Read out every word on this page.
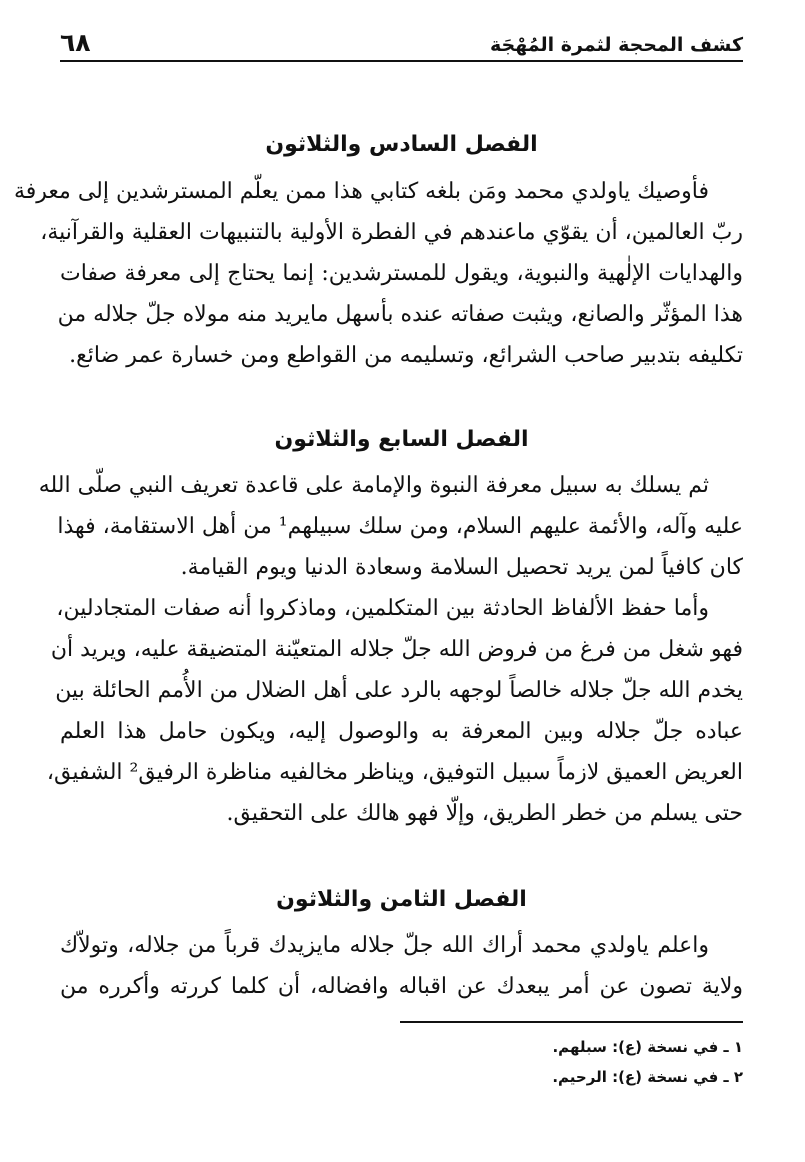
كشف المحجة لثمرة المُهْجَة
٦٨
الفصل السادس والثلاثون
فأوصيك ياولدي محمد ومَن بلغه كتابي هذا ممن يعلّم المسترشدين إلى معرفة
ربّ العالمين، أن يقوّي ماعندهم في الفطرة الأولية بالتنبيهات العقلية والقرآنية،
والهدايات الإلٰهية والنبوية، ويقول للمسترشدين: إنما يحتاج إلى معرفة صفات
هذا المؤثّر والصانع، ويثبت صفاته عنده بأسهل مايريد منه مولاه جلّ جلاله من
تكليفه بتدبير صاحب الشرائع، وتسليمه من القواطع ومن خسارة عمر ضائع.
الفصل السابع والثلاثون
ثم يسلك به سبيل معرفة النبوة والإمامة على قاعدة تعريف النبي صلّى الله
عليه وآله، والأئمة عليهم السلام، ومن سلك سبيلهم¹ من أهل الاستقامة، فهذا
كان كافياً لمن يريد تحصيل السلامة وسعادة الدنيا ويوم القيامة.
وأما حفظ الألفاظ الحادثة بين المتكلمين، وماذكروا أنه صفات المتجادلين،
فهو شغل من فرغ من فروض الله جلّ جلاله المتعيّنة المتضيقة عليه، ويريد أن
يخدم الله جلّ جلاله خالصاً لوجهه بالرد على أهل الضلال من الأُمم الحائلة بين
عباده جلّ جلاله وبين المعرفة به والوصول إليه، ويكون حامل هذا العلم
العريض العميق لازماً سبيل التوفيق، ويناظر مخالفيه مناظرة الرفيق² الشفيق،
حتى يسلم من خطر الطريق، وإلّا فهو هالك على التحقيق.
الفصل الثامن والثلاثون
واعلم ياولدي محمد أراك الله جلّ جلاله مايزيدك قرباً من جلاله، وتولاّك
ولاية تصون عن أمر يبعدك عن اقباله وافضاله، أن كلما كررته وأكرره من
١ ـ في نسخة (ع): سبلهم.
٢ ـ في نسخة (ع): الرحيم.
